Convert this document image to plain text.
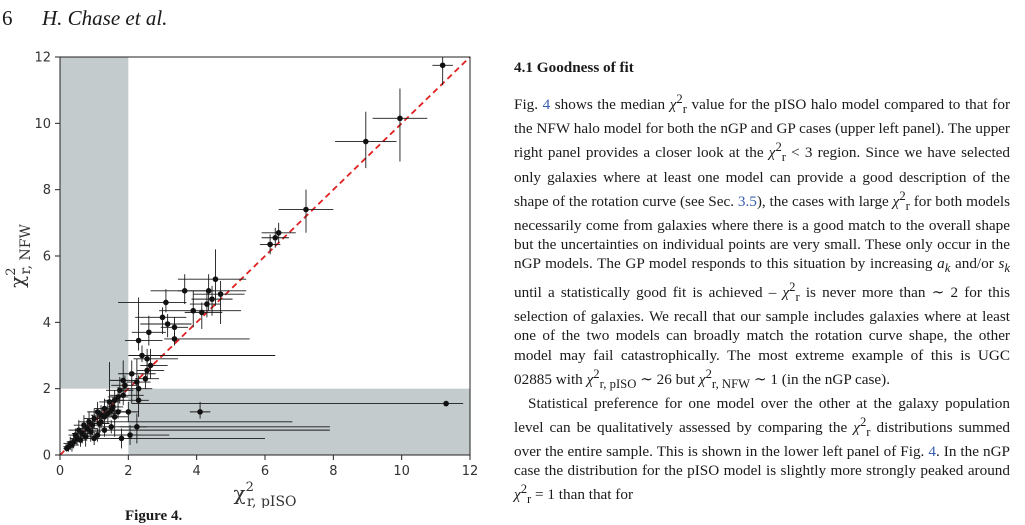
6 H. Chase et al.
0	2	4	6	8	10	12
0
2
4
6
8
10
12
$\chi^2$ r, pISO
$\chi^2r$, NFW
Figure 4.
4.1 Goodness of fit

Fig. 4 shows the median $\chi^2_r$ value for the pISO halo model compared to that for the NFW halo model for both the nGP and GP cases (upper left panel). The upper right panel provides a closer look at the $\chi^2_r < 3$ region. Since we have selected only galaxies where at least one model can provide a good description of the shape of the rotation curve (see Sec. 3.5), the cases with large $\chi^2_r$ for both models necessarily come from galaxies where there is a good match to the overall shape but the uncertainties on individual points are very small. These only occur in the nGP models. The GP model responds to this situation by increasing $a_k$ and/or $s_k$ until a statistically good fit is achieved – $\chi^2_r$ is never more than ∼ 2 for this selection of galaxies. We recall that our sample includes galaxies where at least one of the two models can broadly match the rotation curve shape, the other model may fail catastrophically. The most extreme example of this is UGC 02885 with $\chi^2_{r, pISO}$ ∼ 26 but $\chi^2_{r, NFW}$ ∼ 1 (in the nGP case).

Statistical preference for one model over the other at the galaxy population level can be qualitatively assessed by comparing the $\chi^2_r$ distributions summed over the entire sample. This is shown in the lower left panel of Fig. 4. In the nGP case the distribution for the pISO model is slightly more strongly peaked around $\chi^2_r = 1$ than that for
